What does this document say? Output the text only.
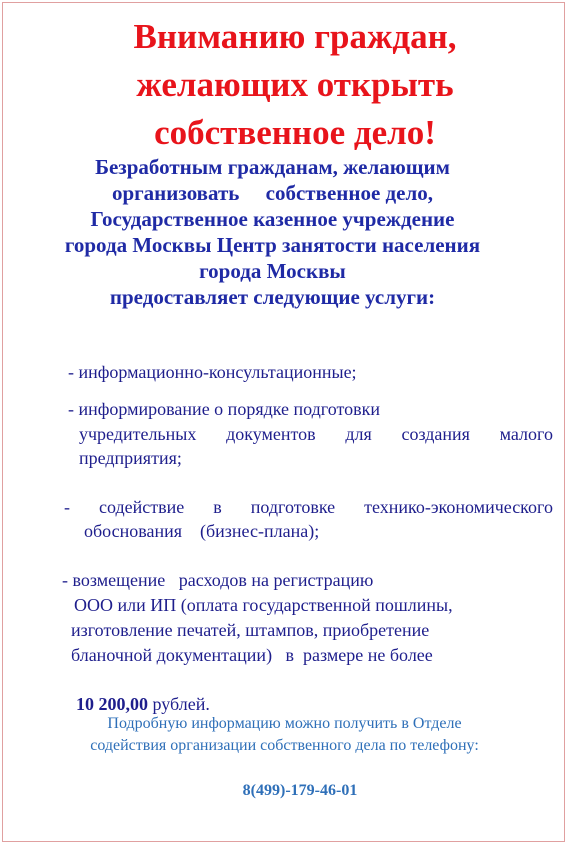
Вниманию граждан,
желающих открыть
собственное дело!
Безработным гражданам, желающим
организовать     собственное дело,
Государственное казенное учреждение
города Москвы Центр занятости населения
города Москвы
предоставляет следующие услуги:
- информационно-консультационные;
- информирование о порядке подготовки
учредительных документов для создания малого
предприятия;
- содействие в подготовке технико-экономического
обоснования    (бизнес-плана);
- возмещение   расходов на регистрацию
ООО или ИП (оплата государственной пошлины,
изготовление печатей, штампов, приобретение
бланочной документации)   в  размере не более

10 200,00 рублей.

Подробную информацию можно получить в Отделе
содействия организации собственного дела по телефону:
8(499)-179-46-01
